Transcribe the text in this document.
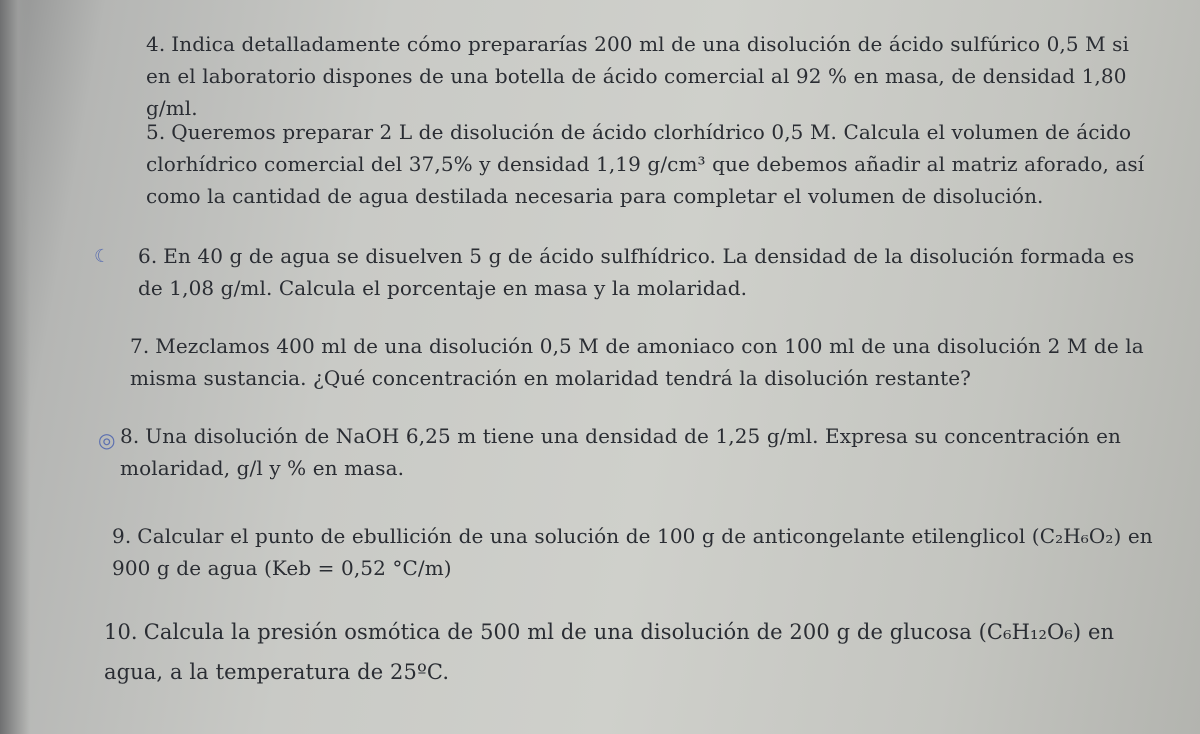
☾
◎

4. Indica detalladamente cómo prepararías 200 ml de una disolución de ácido sulfúrico 0,5 M si en el laboratorio dispones de una botella de ácido comercial al 92 % en masa, de densidad 1,80 g/ml.

5. Queremos preparar 2 L de disolución de ácido clorhídrico 0,5 M. Calcula el volumen de ácido clorhídrico comercial del 37,5% y densidad 1,19 g/cm³ que debemos añadir al matriz aforado, así como la cantidad de agua destilada necesaria para completar el volumen de disolución.

6. En 40 g de agua se disuelven 5 g de ácido sulfhídrico. La densidad de la disolución formada es de 1,08 g/ml. Calcula el porcentaje en masa y la molaridad.

7. Mezclamos 400 ml de una disolución 0,5 M de amoniaco con 100 ml de una disolución 2 M de la misma sustancia. ¿Qué concentración en molaridad tendrá la disolución restante?

8. Una disolución de NaOH 6,25 m tiene una densidad de 1,25 g/ml. Expresa su concentración en molaridad, g/l y % en masa.

9. Calcular el punto de ebullición de una solución de 100 g de anticongelante etilenglicol (C₂H₆O₂) en 900 g de agua (Keb = 0,52 °C/m)

10. Calcula la presión osmótica de 500 ml de una disolución de 200 g de glucosa (C₆H₁₂O₆) en agua, a la temperatura de 25ºC.
